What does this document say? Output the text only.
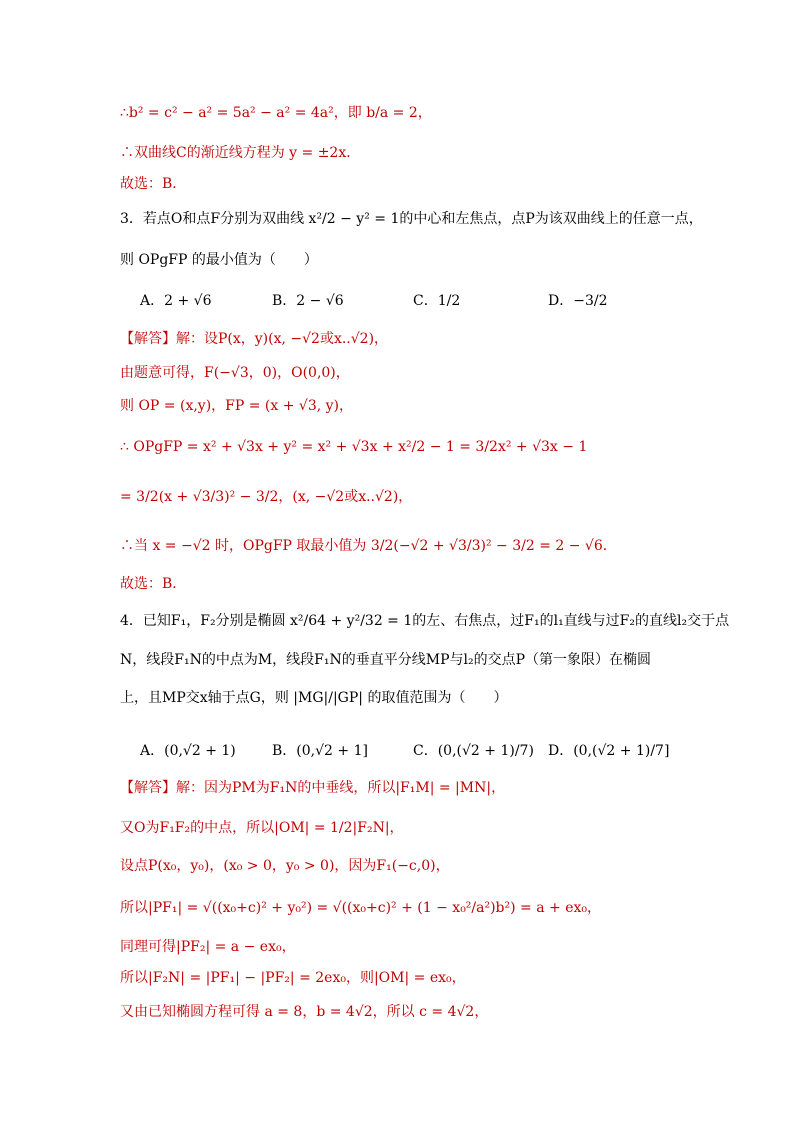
∴b² = c² − a² = 5a² − a² = 4a²，即 b/a = 2，
∴双曲线C的渐近线方程为 y = ±2x．
故选：B．
3．若点O和点F分别为双曲线 x²/2 − y² = 1的中心和左焦点，点P为该双曲线上的任意一点，
则 OPgFP 的最小值为（　　）
A．2 + √6	B．2 − √6	C．1/2	D．−3/2
【解答】解：设P(x，y)(x, −√2或x..√2)，
由题意可得，F(−√3，0)，O(0,0)，
则 OP = (x,y)，FP = (x + √3, y)，
∴ OPgFP = x² + √3x + y² = x² + √3x + x²/2 − 1 = 3/2x² + √3x − 1
= 3/2(x + √3/3)² − 3/2，(x, −√2或x..√2)，
∴当 x = −√2 时，OPgFP 取最小值为 3/2(−√2 + √3/3)² − 3/2 = 2 − √6．
故选：B．
4．已知F₁，F₂分别是椭圆 x²/64 + y²/32 = 1的左、右焦点，过F₁的l₁直线与过F₂的直线l₂交于点
N，线段F₁N的中点为M，线段F₁N的垂直平分线MP与l₂的交点P（第一象限）在椭圆
上，且MP交x轴于点G，则 |MG|/|GP| 的取值范围为（　　）
A．(0,√2 + 1)	B．(0,√2 + 1]	C．(0,(√2 + 1)/7) D．(0,(√2 + 1)/7]
【解答】解：因为PM为F₁N的中垂线，所以|F₁M| = |MN|，
又O为F₁F₂的中点，所以|OM| = 1/2|F₂N|，
设点P(x₀，y₀)，(x₀ > 0，y₀ > 0)，因为F₁(−c,0)，
所以|PF₁| = √((x₀+c)² + y₀²) = √((x₀+c)² + (1 − x₀²/a²)b²) = a + ex₀，
同理可得|PF₂| = a − ex₀，
所以|F₂N| = |PF₁| − |PF₂| = 2ex₀，则|OM| = ex₀，
又由已知椭圆方程可得 a = 8，b = 4√2，所以 c = 4√2，
